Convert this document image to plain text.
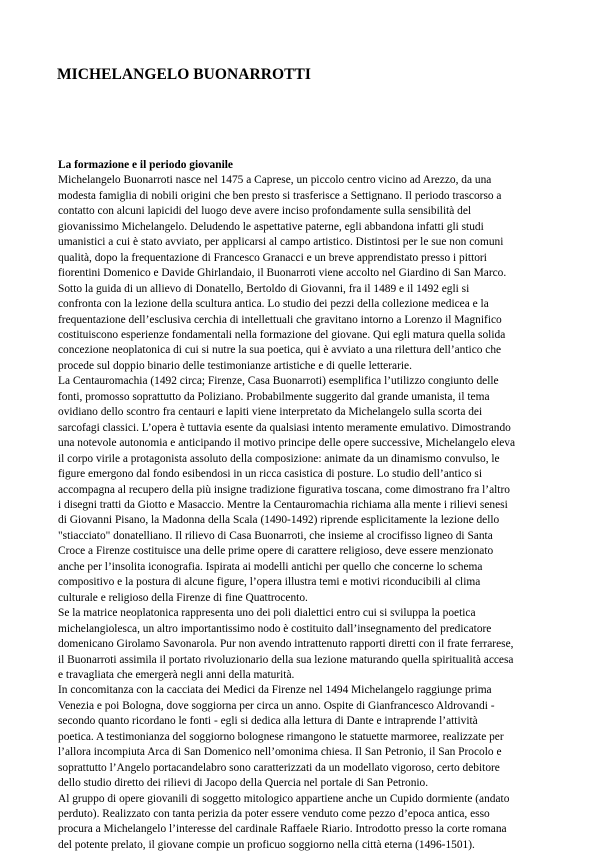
MICHELANGELO BUONARROTTI
La formazione e il periodo giovanile
Michelangelo Buonarroti nasce nel 1475 a Caprese, un piccolo centro vicino ad Arezzo, da una
modesta famiglia di nobili origini che ben presto si trasferisce a Settignano. Il periodo trascorso a
contatto con alcuni lapicidi del luogo deve avere inciso profondamente sulla sensibilità del
giovanissimo Michelangelo. Deludendo le aspettative paterne, egli abbandona infatti gli studi
umanistici a cui è stato avviato, per applicarsi al campo artistico. Distintosi per le sue non comuni
qualità, dopo la frequentazione di Francesco Granacci e un breve apprendistato presso i pittori
fiorentini Domenico e Davide Ghirlandaio, il Buonarroti viene accolto nel Giardino di San Marco.
Sotto la guida di un allievo di Donatello, Bertoldo di Giovanni, fra il 1489 e il 1492 egli si
confronta con la lezione della scultura antica. Lo studio dei pezzi della collezione medicea e la
frequentazione dell’esclusiva cerchia di intellettuali che gravitano intorno a Lorenzo il Magnifico
costituiscono esperienze fondamentali nella formazione del giovane. Qui egli matura quella solida
concezione neoplatonica di cui si nutre la sua poetica, qui è avviato a una rilettura dell’antico che
procede sul doppio binario delle testimonianze artistiche e di quelle letterarie.
La Centauromachia (1492 circa; Firenze, Casa Buonarroti) esemplifica l’utilizzo congiunto delle
fonti, promosso soprattutto da Poliziano. Probabilmente suggerito dal grande umanista, il tema
ovidiano dello scontro fra centauri e lapiti viene interpretato da Michelangelo sulla scorta dei
sarcofagi classici. L’opera è tuttavia esente da qualsiasi intento meramente emulativo. Dimostrando
una notevole autonomia e anticipando il motivo principe delle opere successive, Michelangelo eleva
il corpo virile a protagonista assoluto della composizione: animate da un dinamismo convulso, le
figure emergono dal fondo esibendosi in un ricca casistica di posture. Lo studio dell’antico si
accompagna al recupero della più insigne tradizione figurativa toscana, come dimostrano fra l’altro
i disegni tratti da Giotto e Masaccio. Mentre la Centauromachia richiama alla mente i rilievi senesi
di Giovanni Pisano, la Madonna della Scala (1490-1492) riprende esplicitamente la lezione dello
"stiacciato" donatelliano. Il rilievo di Casa Buonarroti, che insieme al crocifisso ligneo di Santa
Croce a Firenze costituisce una delle prime opere di carattere religioso, deve essere menzionato
anche per l’insolita iconografia. Ispirata ai modelli antichi per quello che concerne lo schema
compositivo e la postura di alcune figure, l’opera illustra temi e motivi riconducibili al clima
culturale e religioso della Firenze di fine Quattrocento.
Se la matrice neoplatonica rappresenta uno dei poli dialettici entro cui si sviluppa la poetica
michelangiolesca, un altro importantissimo nodo è costituito dall’insegnamento del predicatore
domenicano Girolamo Savonarola. Pur non avendo intrattenuto rapporti diretti con il frate ferrarese,
il Buonarroti assimila il portato rivoluzionario della sua lezione maturando quella spiritualità accesa
e travagliata che emergerà negli anni della maturità.
In concomitanza con la cacciata dei Medici da Firenze nel 1494 Michelangelo raggiunge prima
Venezia e poi Bologna, dove soggiorna per circa un anno. Ospite di Gianfrancesco Aldrovandi -
secondo quanto ricordano le fonti - egli si dedica alla lettura di Dante e intraprende l’attività
poetica. A testimonianza del soggiorno bolognese rimangono le statuette marmoree, realizzate per
l’allora incompiuta Arca di San Domenico nell’omonima chiesa. Il San Petronio, il San Procolo e
soprattutto l’Angelo portacandelabro sono caratterizzati da un modellato vigoroso, certo debitore
dello studio diretto dei rilievi di Jacopo della Quercia nel portale di San Petronio.
Al gruppo di opere giovanili di soggetto mitologico appartiene anche un Cupido dormiente (andato
perduto). Realizzato con tanta perizia da poter essere venduto come pezzo d’epoca antica, esso
procura a Michelangelo l’interesse del cardinale Raffaele Riario. Introdotto presso la corte romana
del potente prelato, il giovane compie un proficuo soggiorno nella città eterna (1496-1501).
